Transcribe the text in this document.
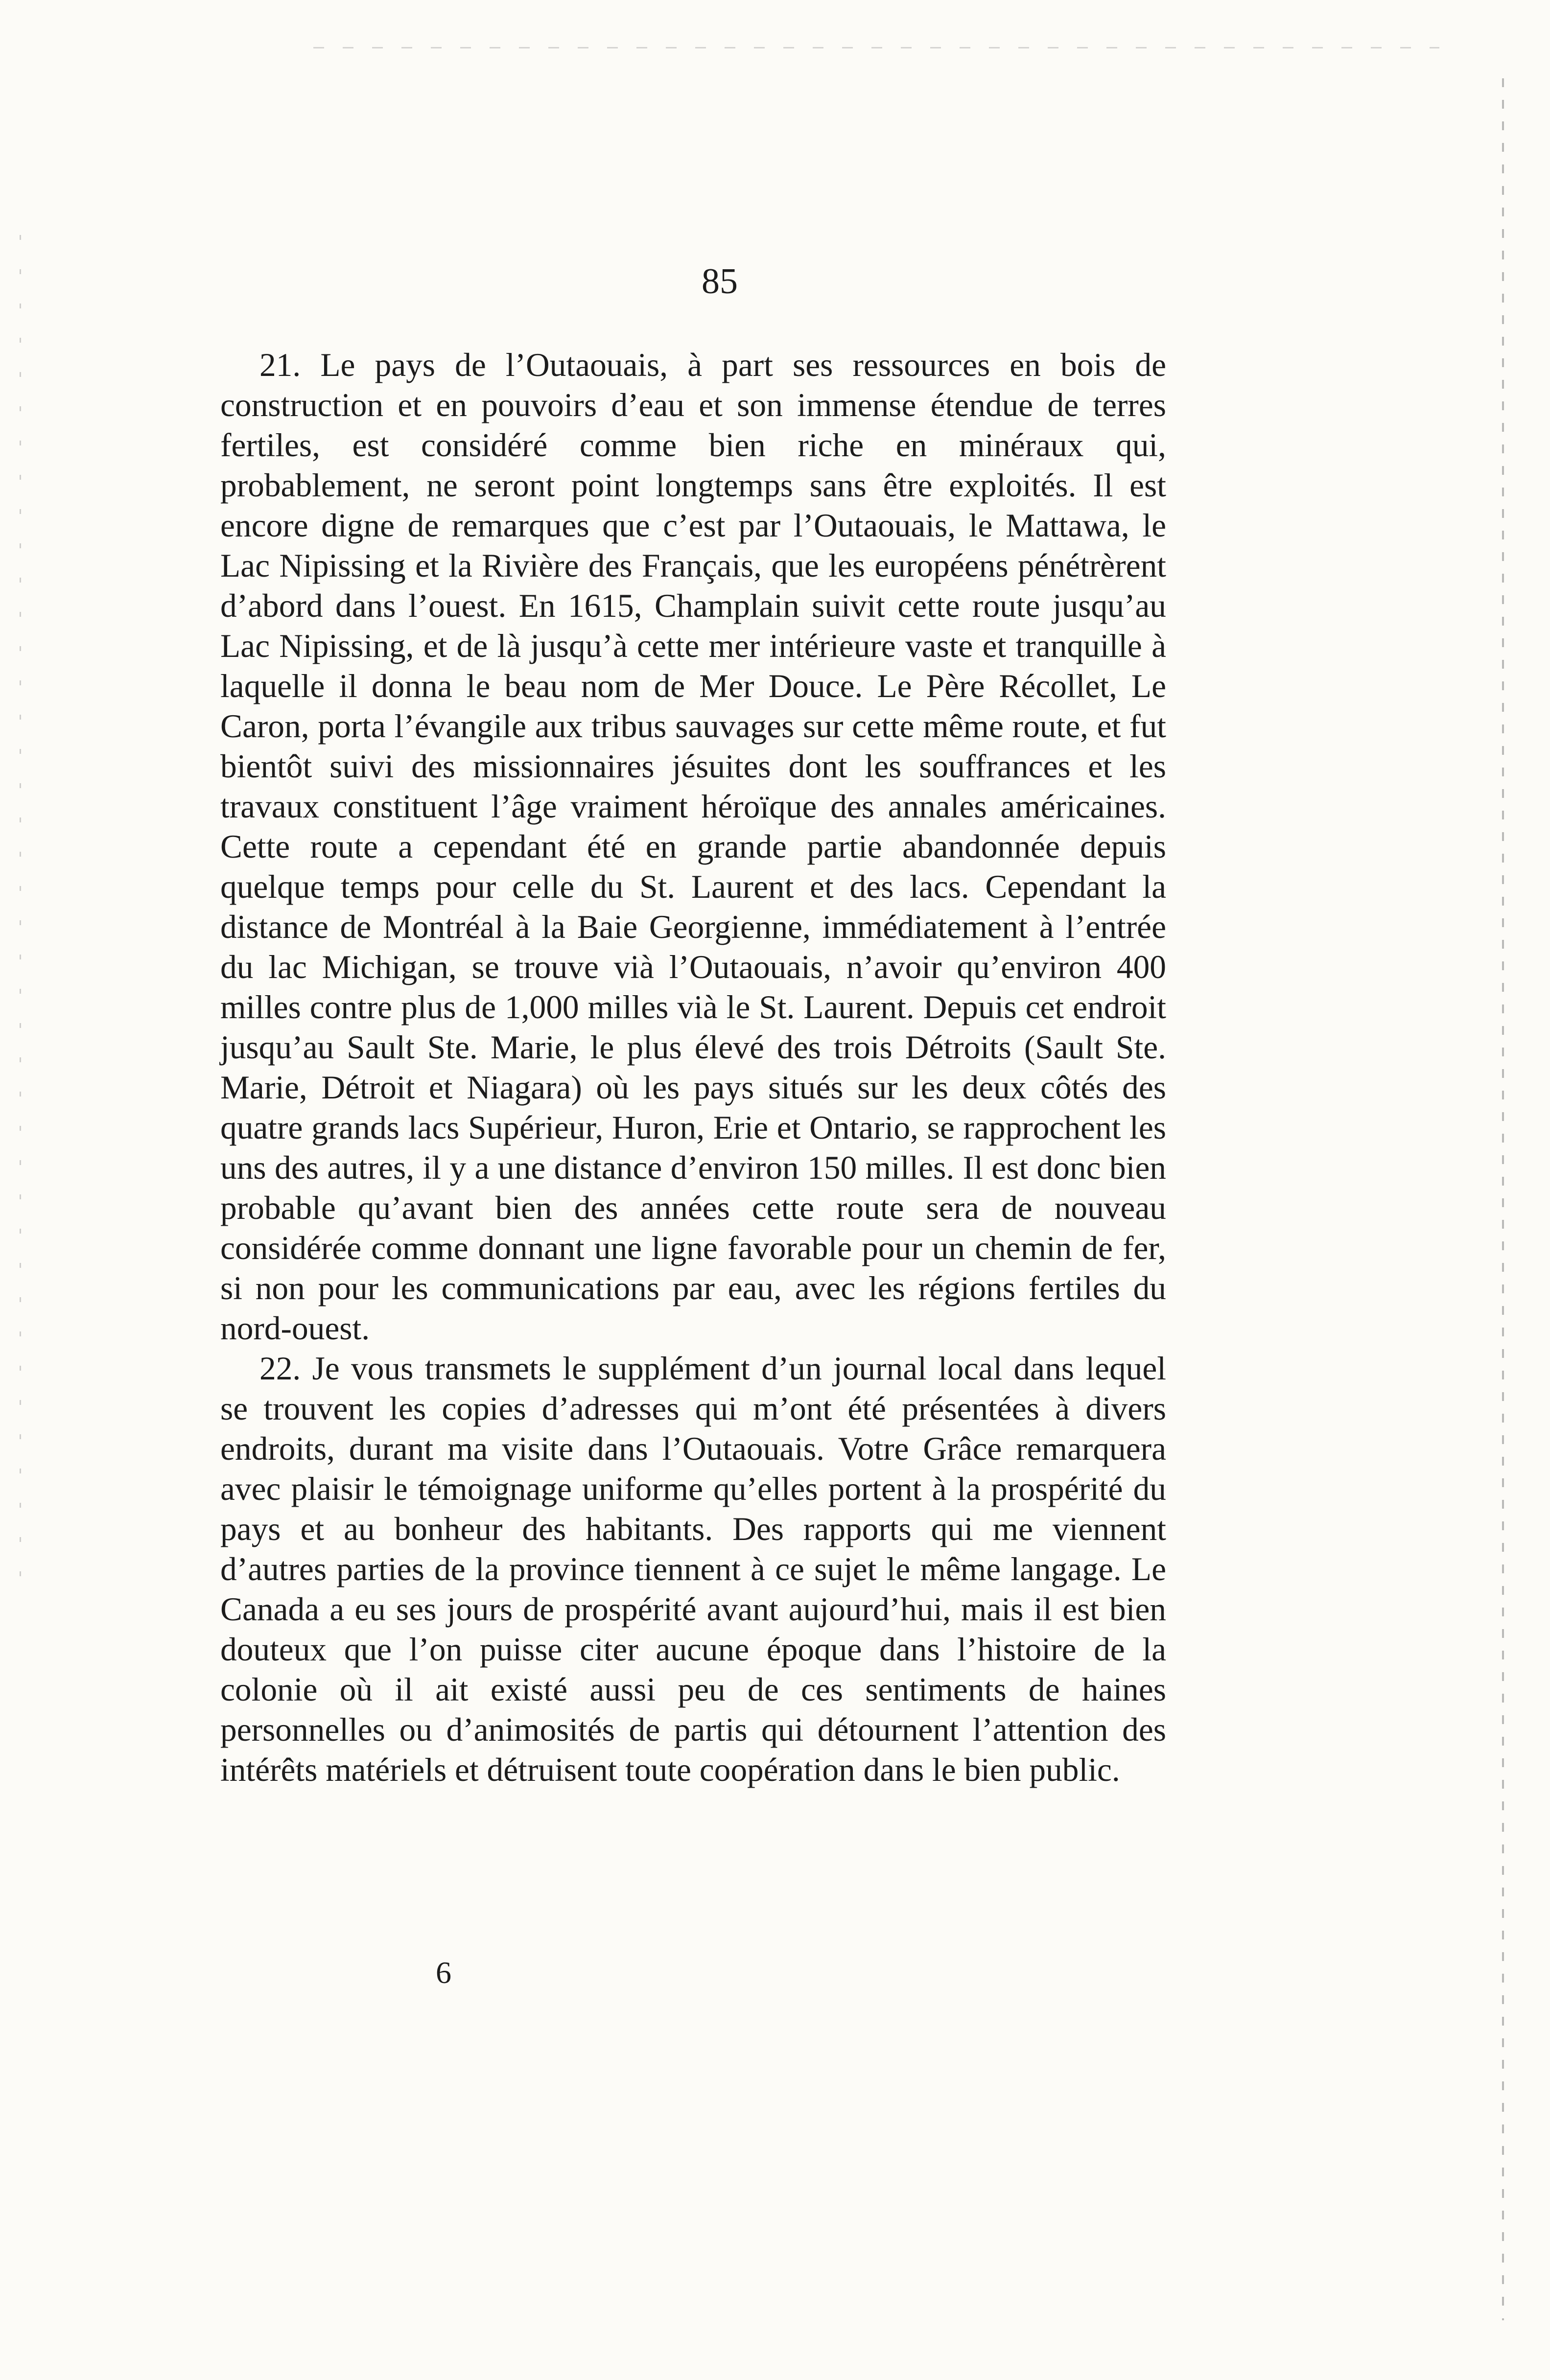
85

21. Le pays de l’Outaouais, à part ses ressources en bois de construction et en pouvoirs d’eau et son immense étendue de terres fertiles, est considéré comme bien riche en minéraux qui, probablement, ne seront point longtemps sans être exploités. Il est encore digne de remarques que c’est par l’Outaouais, le Mattawa, le Lac Nipissing et la Rivière des Français, que les européens pénétrèrent d’abord dans l’ouest. En 1615, Champlain suivit cette route jusqu’au Lac Nipissing, et de là jusqu’à cette mer intérieure vaste et tranquille à laquelle il donna le beau nom de Mer Douce. Le Père Récollet, Le Caron, porta l’évangile aux tribus sauvages sur cette même route, et fut bientôt suivi des missionnaires jésuites dont les souffrances et les travaux constituent l’âge vraiment héroïque des annales américaines. Cette route a cependant été en grande partie abandonnée depuis quelque temps pour celle du St. Laurent et des lacs. Cependant la distance de Montréal à la Baie Georgienne, immédiatement à l’entrée du lac Michigan, se trouve vià l’Outaouais, n’avoir qu’environ 400 milles contre plus de 1,000 milles vià le St. Laurent. Depuis cet endroit jusqu’au Sault Ste. Marie, le plus élevé des trois Détroits (Sault Ste. Marie, Détroit et Niagara) où les pays situés sur les deux côtés des quatre grands lacs Supérieur, Huron, Erie et Ontario, se rapprochent les uns des autres, il y a une distance d’environ 150 milles. Il est donc bien probable qu’avant bien des années cette route sera de nouveau considérée comme donnant une ligne favorable pour un chemin de fer, si non pour les communications par eau, avec les régions fertiles du nord-ouest.

22. Je vous transmets le supplément d’un journal local dans lequel se trouvent les copies d’adresses qui m’ont été présentées à divers endroits, durant ma visite dans l’Outaouais. Votre Grâce remarquera avec plaisir le témoignage uniforme qu’elles portent à la prospérité du pays et au bonheur des habitants. Des rapports qui me viennent d’autres parties de la province tiennent à ce sujet le même langage. Le Canada a eu ses jours de prospérité avant aujourd’hui, mais il est bien douteux que l’on puisse citer aucune époque dans l’histoire de la colonie où il ait existé aussi peu de ces sentiments de haines personnelles ou d’animosités de partis qui détournent l’attention des intérêts matériels et détruisent toute coopération dans le bien public.

6
